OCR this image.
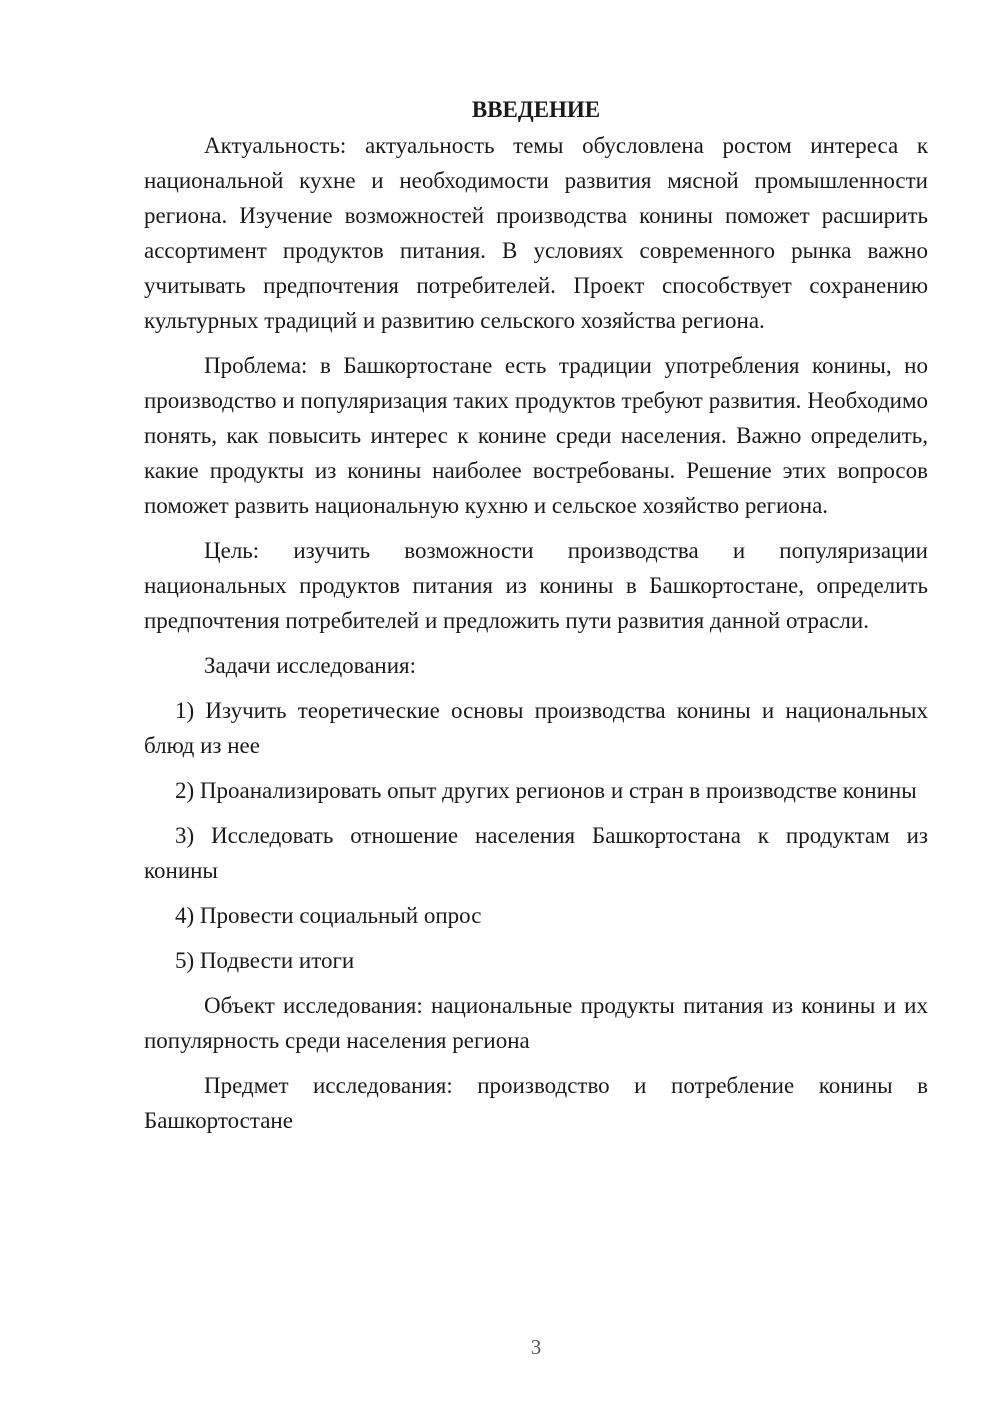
ВВЕДЕНИЕ

Актуальность: актуальность темы обусловлена ростом интереса к национальной кухне и необходимости развития мясной промышленности региона. Изучение возможностей производства конины поможет расширить ассортимент продуктов питания. В условиях современного рынка важно учитывать предпочтения потребителей. Проект способствует сохранению культурных традиций и развитию сельского хозяйства региона.

Проблема: в Башкортостане есть традиции употребления конины, но производство и популяризация таких продуктов требуют развития. Необходимо понять, как повысить интерес к конине среди населения. Важно определить, какие продукты из конины наиболее востребованы. Решение этих вопросов поможет развить национальную кухню и сельское хозяйство региона.

Цель: изучить возможности производства и популяризации национальных продуктов питания из конины в Башкортостане, определить предпочтения потребителей и предложить пути развития данной отрасли.

Задачи исследования:

1) Изучить теоретические основы производства конины и национальных блюд из нее

2) Проанализировать опыт других регионов и стран в производстве конины

3) Исследовать отношение населения Башкортостана к продуктам из конины

4) Провести социальный опрос

5) Подвести итоги

Объект исследования: национальные продукты питания из конины и их популярность среди населения региона

Предмет исследования: производство и потребление конины в Башкортостане

3
